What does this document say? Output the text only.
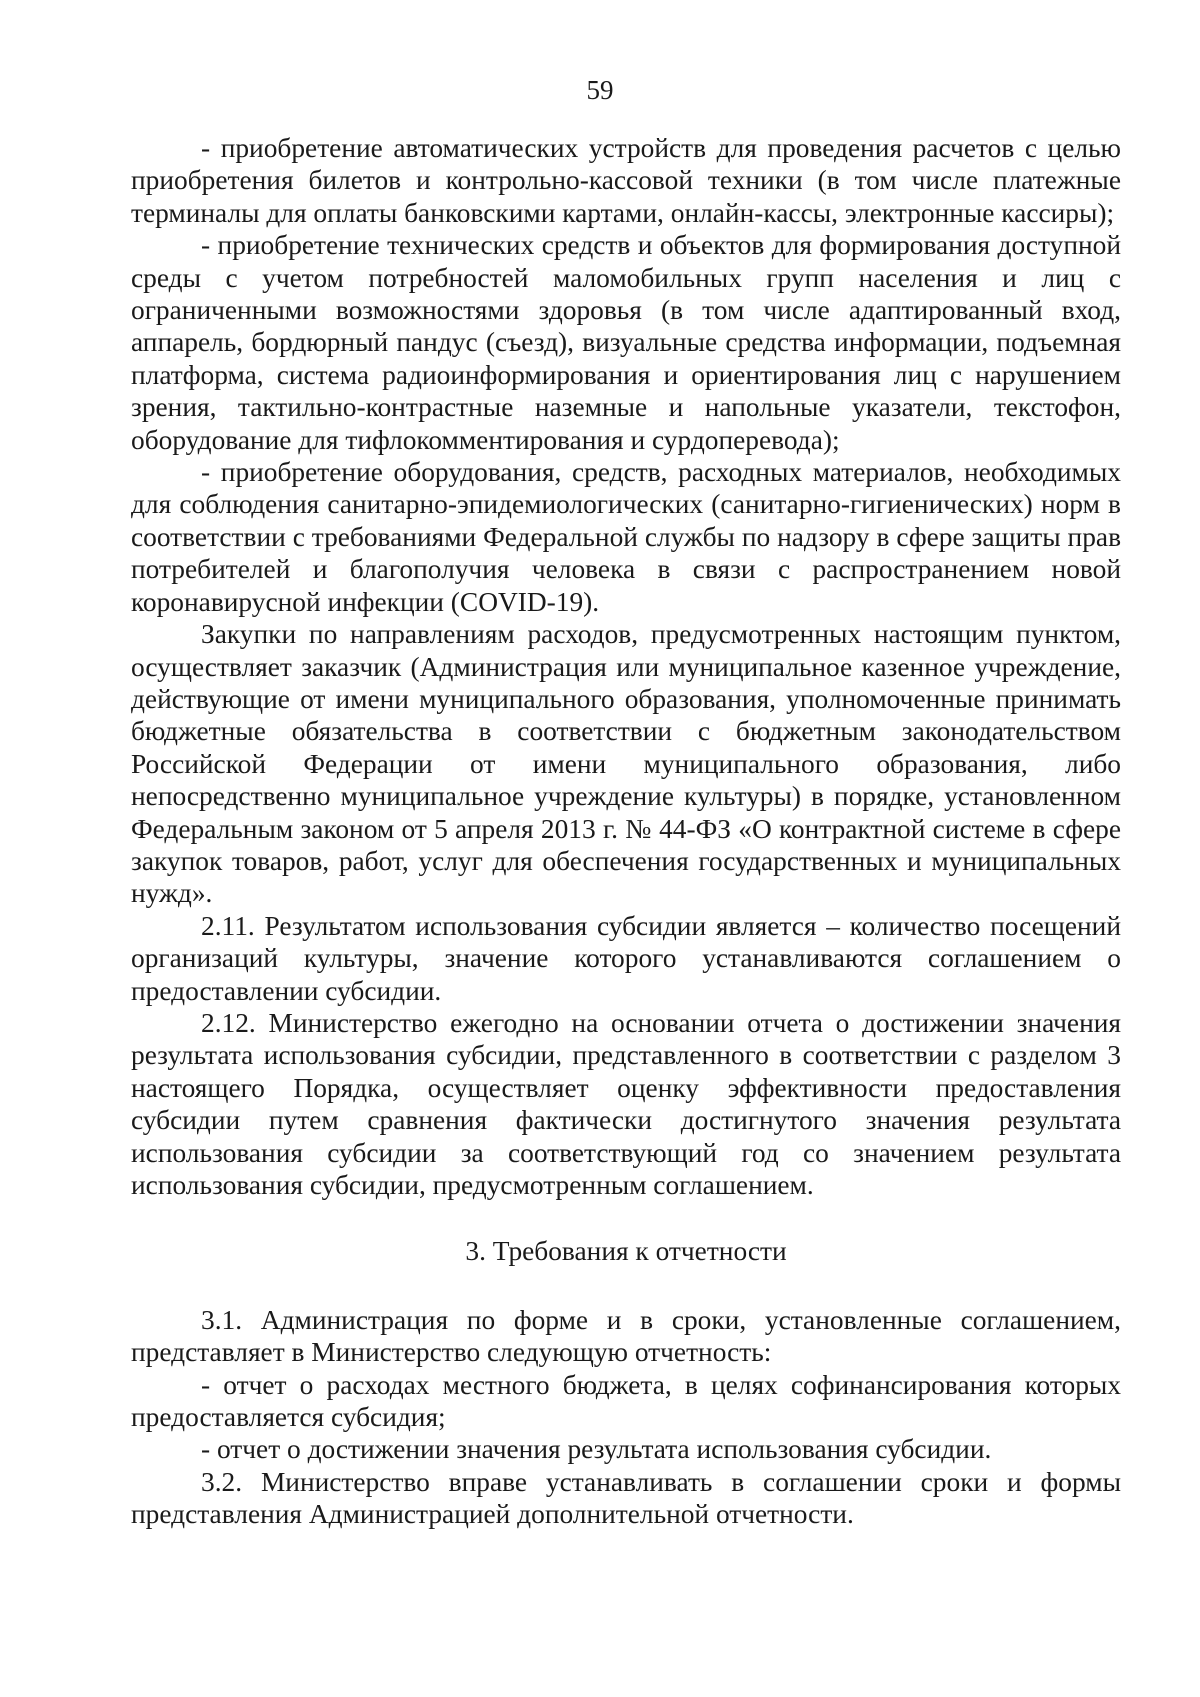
59

- приобретение автоматических устройств для проведения расчетов с целью приобретения билетов и контрольно-кассовой техники (в том числе платежные терминалы для оплаты банковскими картами, онлайн-кассы, электронные кассиры);

- приобретение технических средств и объектов для формирования доступной среды с учетом потребностей маломобильных групп населения и лиц с ограниченными возможностями здоровья (в том числе адаптированный вход, аппарель, бордюрный пандус (съезд), визуальные средства информации, подъемная платформа, система радиоинформирования и ориентирования лиц с нарушением зрения, тактильно-контрастные наземные и напольные указатели, текстофон, оборудование для тифлокомментирования и сурдоперевода);

- приобретение оборудования, средств, расходных материалов, необходимых для соблюдения санитарно-эпидемиологических (санитарно-гигиенических) норм в соответствии с требованиями Федеральной службы по надзору в сфере защиты прав потребителей и благополучия человека в связи с распространением новой коронавирусной инфекции (COVID-19).

Закупки по направлениям расходов, предусмотренных настоящим пунктом, осуществляет заказчик (Администрация или муниципальное казенное учреждение, действующие от имени муниципального образования, уполномоченные принимать бюджетные обязательства в соответствии с бюджетным законодательством Российской Федерации от имени муниципального образования, либо непосредственно муниципальное учреждение культуры) в порядке, установленном Федеральным законом от 5 апреля 2013 г. № 44-ФЗ «О контрактной системе в сфере закупок товаров, работ, услуг для обеспечения государственных и муниципальных нужд».

2.11. Результатом использования субсидии является – количество посещений организаций культуры, значение которого устанавливаются соглашением о предоставлении субсидии.

2.12. Министерство ежегодно на основании отчета о достижении значения результата использования субсидии, представленного в соответствии с разделом 3 настоящего Порядка, осуществляет оценку эффективности предоставления субсидии путем сравнения фактически достигнутого значения результата использования субсидии за соответствующий год со значением результата использования субсидии, предусмотренным соглашением.

3. Требования к отчетности

3.1. Администрация по форме и в сроки, установленные соглашением, представляет в Министерство следующую отчетность:

- отчет о расходах местного бюджета, в целях софинансирования которых предоставляется субсидия;

- отчет о достижении значения результата использования субсидии.

3.2. Министерство вправе устанавливать в соглашении сроки и формы представления Администрацией дополнительной отчетности.
